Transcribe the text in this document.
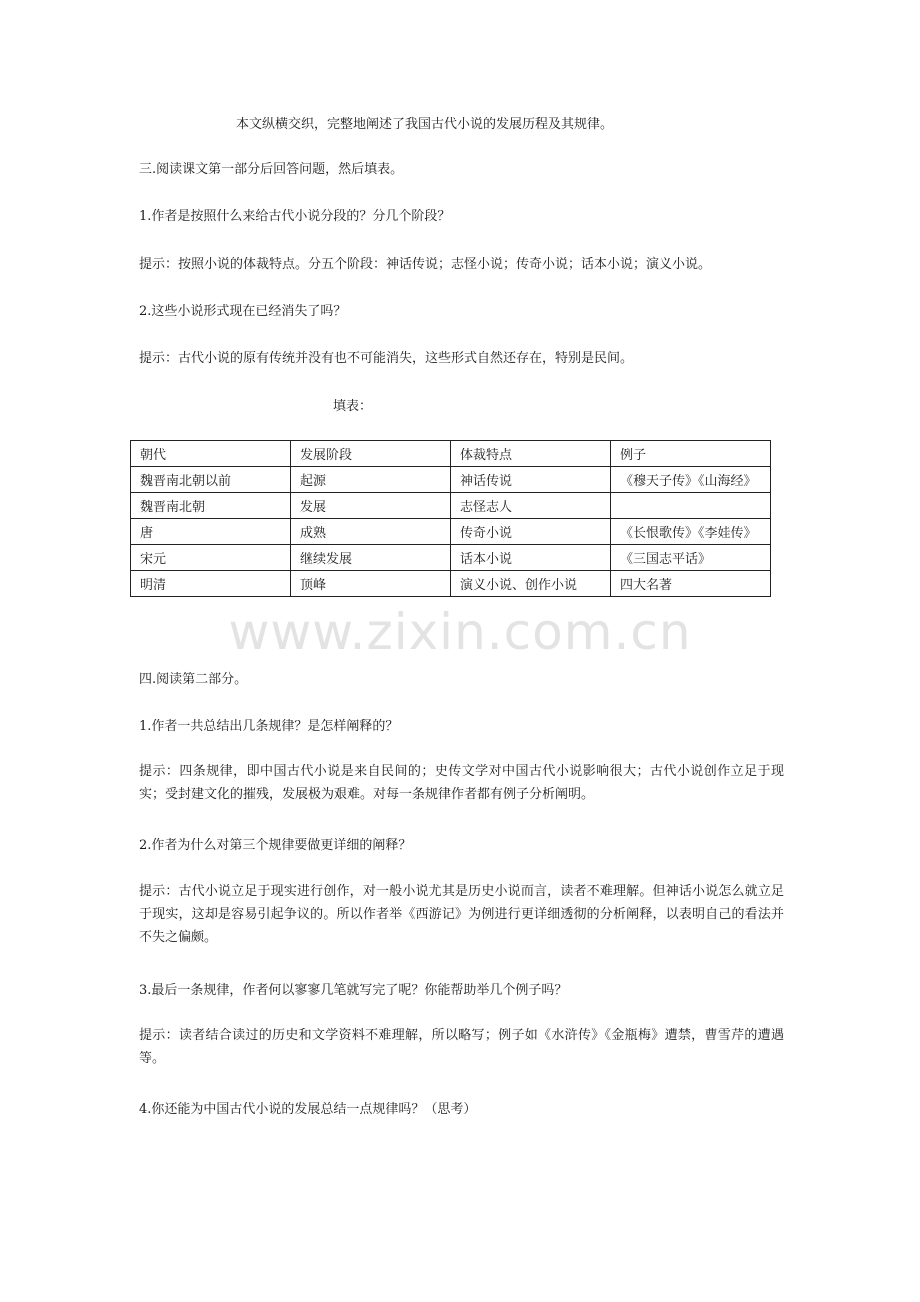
本文纵横交织，完整地阐述了我国古代小说的发展历程及其规律。
三.阅读课文第一部分后回答问题，然后填表。
1.作者是按照什么来给古代小说分段的？分几个阶段？
提示：按照小说的体裁特点。分五个阶段：神话传说；志怪小说；传奇小说；话本小说；演义小说。
2.这些小说形式现在已经消失了吗？
提示：古代小说的原有传统并没有也不可能消失，这些形式自然还存在，特别是民间。
填表：
朝代	发展阶段	体裁特点	例子
魏晋南北朝以前	起源	神话传说	《穆天子传》《山海经》
魏晋南北朝	发展	志怪志人	
唐	成熟	传奇小说	《长恨歌传》《李娃传》
宋元	继续发展	话本小说	《三国志平话》
明清	顶峰	演义小说、创作小说	四大名著
www.zixin.com.cn
四.阅读第二部分。
1.作者一共总结出几条规律？是怎样阐释的？
提示：四条规律，即中国古代小说是来自民间的；史传文学对中国古代小说影响很大；古代小说创作立足于现实；受封建文化的摧残，发展极为艰难。对每一条规律作者都有例子分析阐明。
2.作者为什么对第三个规律要做更详细的阐释？
提示：古代小说立足于现实进行创作，对一般小说尤其是历史小说而言，读者不难理解。但神话小说怎么就立足于现实，这却是容易引起争议的。所以作者举《西游记》为例进行更详细透彻的分析阐释，以表明自己的看法并不失之偏颇。
3.最后一条规律，作者何以寥寥几笔就写完了呢？你能帮助举几个例子吗？
提示：读者结合读过的历史和文学资料不难理解，所以略写；例子如《水浒传》《金瓶梅》遭禁，曹雪芹的遭遇等。
4.你还能为中国古代小说的发展总结一点规律吗？（思考）
